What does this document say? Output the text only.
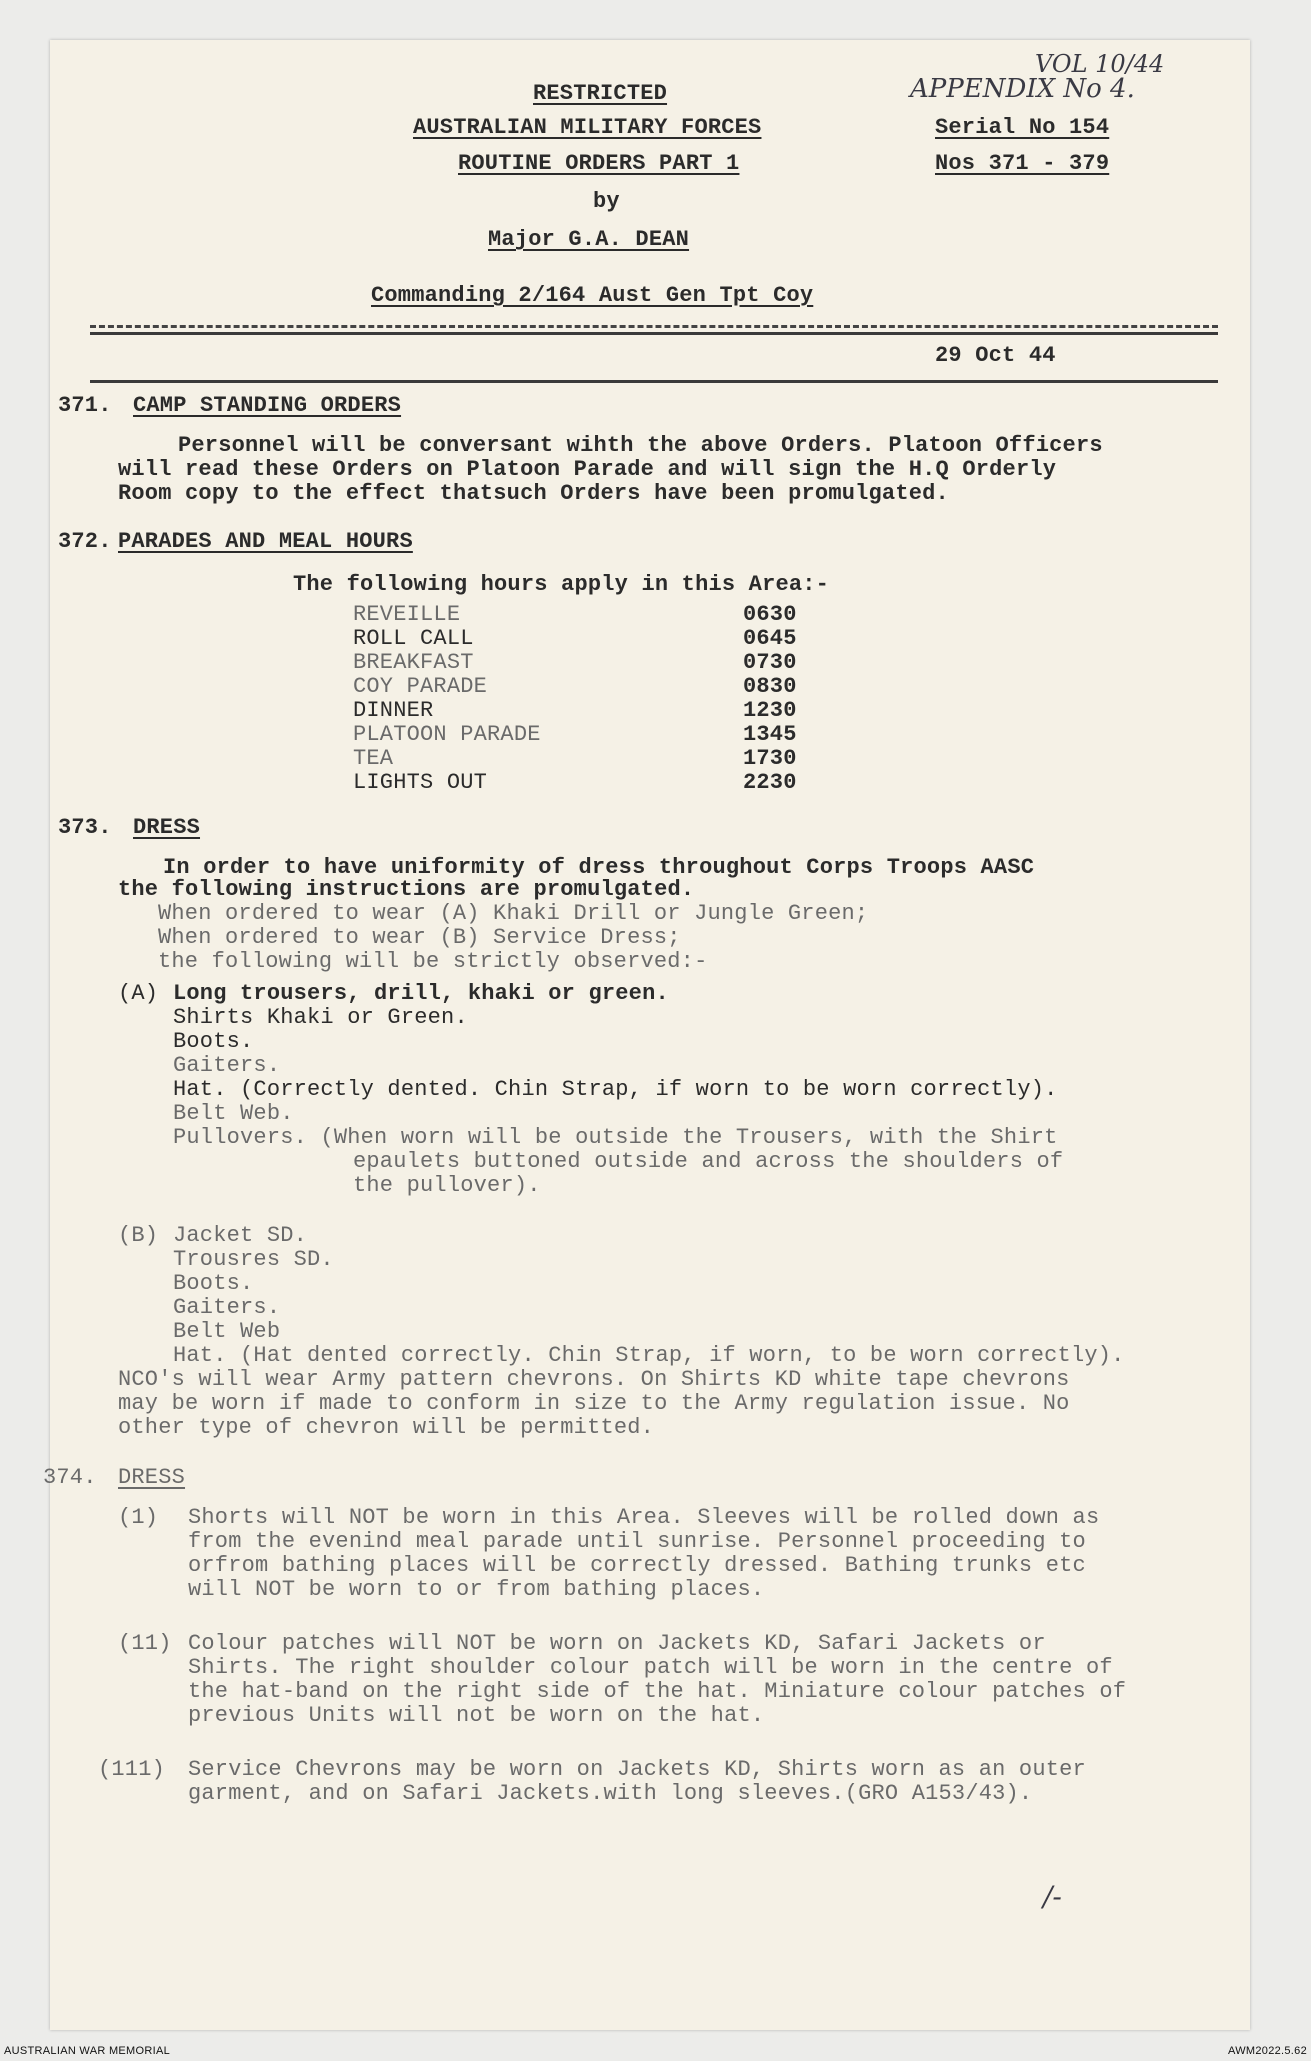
VOL 10/44
APPENDIX No 4.
RESTRICTED
AUSTRALIAN MILITARY FORCES
ROUTINE ORDERS PART 1
by
Major G.A. DEAN
Commanding 2/164 Aust Gen Tpt Coy
Serial No 154
Nos 371 - 379
29 Oct 44
371. CAMP STANDING ORDERS
Personnel will be conversant wihth the above Orders. Platoon Officers
will read these Orders on Platoon Parade and will sign the H.Q Orderly
Room copy to the effect thatsuch Orders have been promulgated.
372. PARADES AND MEAL HOURS
The following hours apply in this Area:-
REVEILLE	0630
ROLL CALL	0645
BREAKFAST	0730
COY PARADE	0830
DINNER	1230
PLATOON PARADE	1345
TEA	1730
LIGHTS OUT	2230
373. DRESS
In order to have uniformity of dress throughout Corps Troops AASC
the following instructions are promulgated.
When ordered to wear (A) Khaki Drill or Jungle Green;
When ordered to wear (B) Service Dress;
the following will be strictly observed:-
(A) Long trousers, drill, khaki or green.
Shirts Khaki or Green.
Boots.
Gaiters.
Hat. (Correctly dented. Chin Strap, if worn to be worn correctly).
Belt Web.
Pullovers. (When worn will be outside the Trousers, with the Shirt
epaulets buttoned outside and across the shoulders of
the pullover).
(B) Jacket SD.
Trousres SD.
Boots.
Gaiters.
Belt Web
Hat. (Hat dented correctly. Chin Strap, if worn, to be worn correctly).
NCO's will wear Army pattern chevrons. On Shirts KD white tape chevrons
may be worn if made to conform in size to the Army regulation issue. No
other type of chevron will be permitted.
374. DRESS
(1) Shorts will NOT be worn in this Area. Sleeves will be rolled down as
from the evenind meal parade until sunrise. Personnel proceeding to
orfrom bathing places will be correctly dressed. Bathing trunks etc
will NOT be worn to or from bathing places.
(11) Colour patches will NOT be worn on Jackets KD, Safari Jackets or
Shirts. The right shoulder colour patch will be worn in the centre of
the hat-band on the right side of the hat. Miniature colour patches of
previous Units will not be worn on the hat.
(111) Service Chevrons may be worn on Jackets KD, Shirts worn as an outer
garment, and on Safari Jackets.with long sleeves.(GRO A153/43).
/-
AUSTRALIAN WAR MEMORIAL	AWM2022.5.62
